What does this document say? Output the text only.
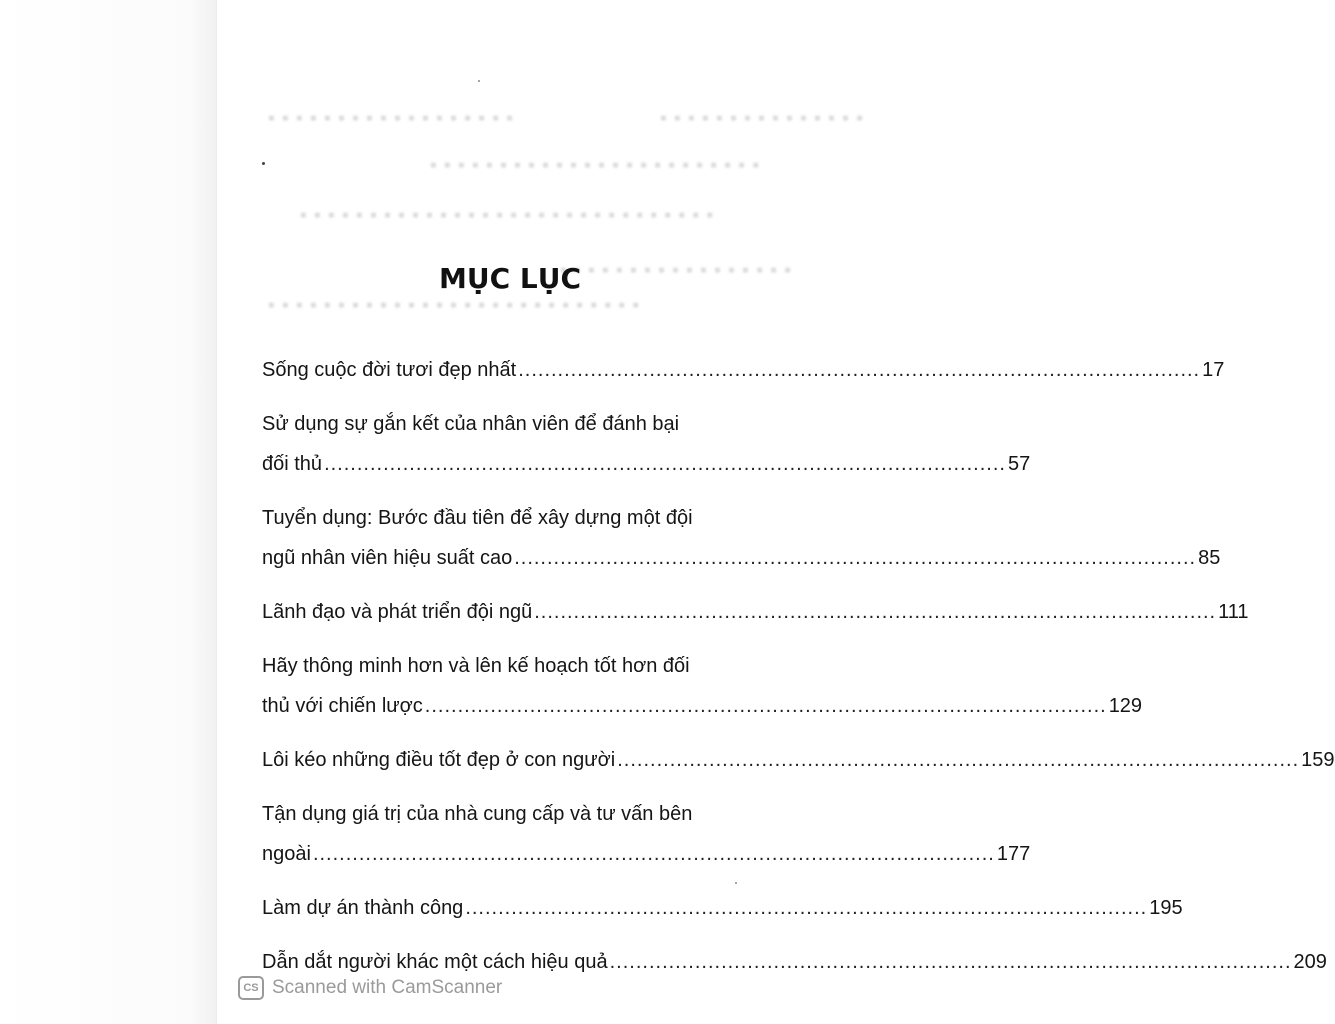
▪ ▪ ▪ ▪ ▪ ▪ ▪ ▪ ▪ ▪ ▪ ▪ ▪ ▪ ▪
▪ ▪ ▪ ▪ ▪ ▪ ▪ ▪ ▪ ▪ ▪ ▪ ▪ ▪ ▪ ▪ ▪ ▪
▪ ▪ ▪ ▪ ▪ ▪ ▪ ▪ ▪ ▪ ▪ ▪ ▪ ▪ ▪ ▪ ▪ ▪ ▪ ▪ ▪ ▪ ▪ ▪
▪ ▪ ▪ ▪ ▪ ▪ ▪ ▪ ▪ ▪ ▪ ▪ ▪ ▪ ▪ ▪ ▪ ▪ ▪ ▪ ▪ ▪ ▪ ▪ ▪ ▪ ▪ ▪ ▪ ▪
▪ ▪ ▪ ▪ ▪ ▪ ▪ ▪ ▪ ▪ ▪ ▪ ▪ ▪ ▪ ▪ ▪
▪ ▪ ▪ ▪ ▪ ▪ ▪ ▪ ▪ ▪ ▪ ▪ ▪ ▪ ▪ ▪ ▪ ▪ ▪ ▪ ▪ ▪ ▪ ▪ ▪ ▪ ▪
MỤC LỤC
Sống cuộc đời tươi đẹp nhất .....	17
Sử dụng sự gắn kết của nhân viên để đánh bại
đối thủ .....	57
Tuyển dụng: Bước đầu tiên để xây dựng một đội
ngũ nhân viên hiệu suất cao .....	85
Lãnh đạo và phát triển đội ngũ .....	111
Hãy thông minh hơn và lên kế hoạch tốt hơn đối
thủ với chiến lược .....	129
Lôi kéo những điều tốt đẹp ở con người .....	159
Tận dụng giá trị của nhà cung cấp và tư vấn bên
ngoài .....	177
Làm dự án thành công .....	195
Dẫn dắt người khác một cách hiệu quả .....	209
CS Scanned with CamScanner
